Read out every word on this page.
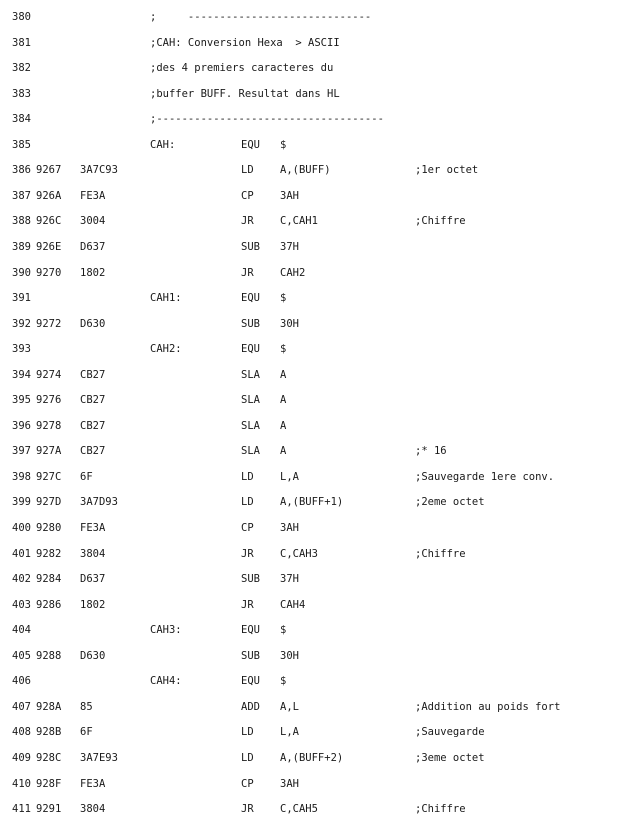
380	;     -----------------------------
381	;CAH: Conversion Hexa  > ASCII
382	;des 4 premiers caracteres du
383	;buffer BUFF. Resultat dans HL
384	;------------------------------------
385	CAH:	EQU $
386 9267 3A7C93	LD	A,(BUFF)	;1er octet
387 926A FE3A	CP	3AH
388 926C 3004	JR	C,CAH1	;Chiffre
389 926E D637	SUB 37H
390 9270 1802	JR	CAH2
391	CAH1:	EQU $
392 9272 D630	SUB 30H
393	CAH2:	EQU $
394 9274 CB27	SLA A
395 9276 CB27	SLA A
396 9278 CB27	SLA A
397 927A CB27	SLA A	;* 16
398 927C 6F	LD	L,A	;Sauvegarde 1ere conv.
399 927D 3A7D93	LD	A,(BUFF+1)	;2eme octet
400 9280 FE3A	CP	3AH
401 9282 3804	JR	C,CAH3	;Chiffre
402 9284 D637	SUB 37H
403 9286 1802	JR	CAH4
404	CAH3:	EQU $
405 9288 D630	SUB 30H
406	CAH4:	EQU $
407 928A 85	ADD A,L	;Addition au poids fort
408 928B 6F	LD	L,A	;Sauvegarde
409 928C 3A7E93	LD	A,(BUFF+2)	;3eme octet
410 928F FE3A	CP	3AH
411 9291 3804	JR	C,CAH5	;Chiffre
